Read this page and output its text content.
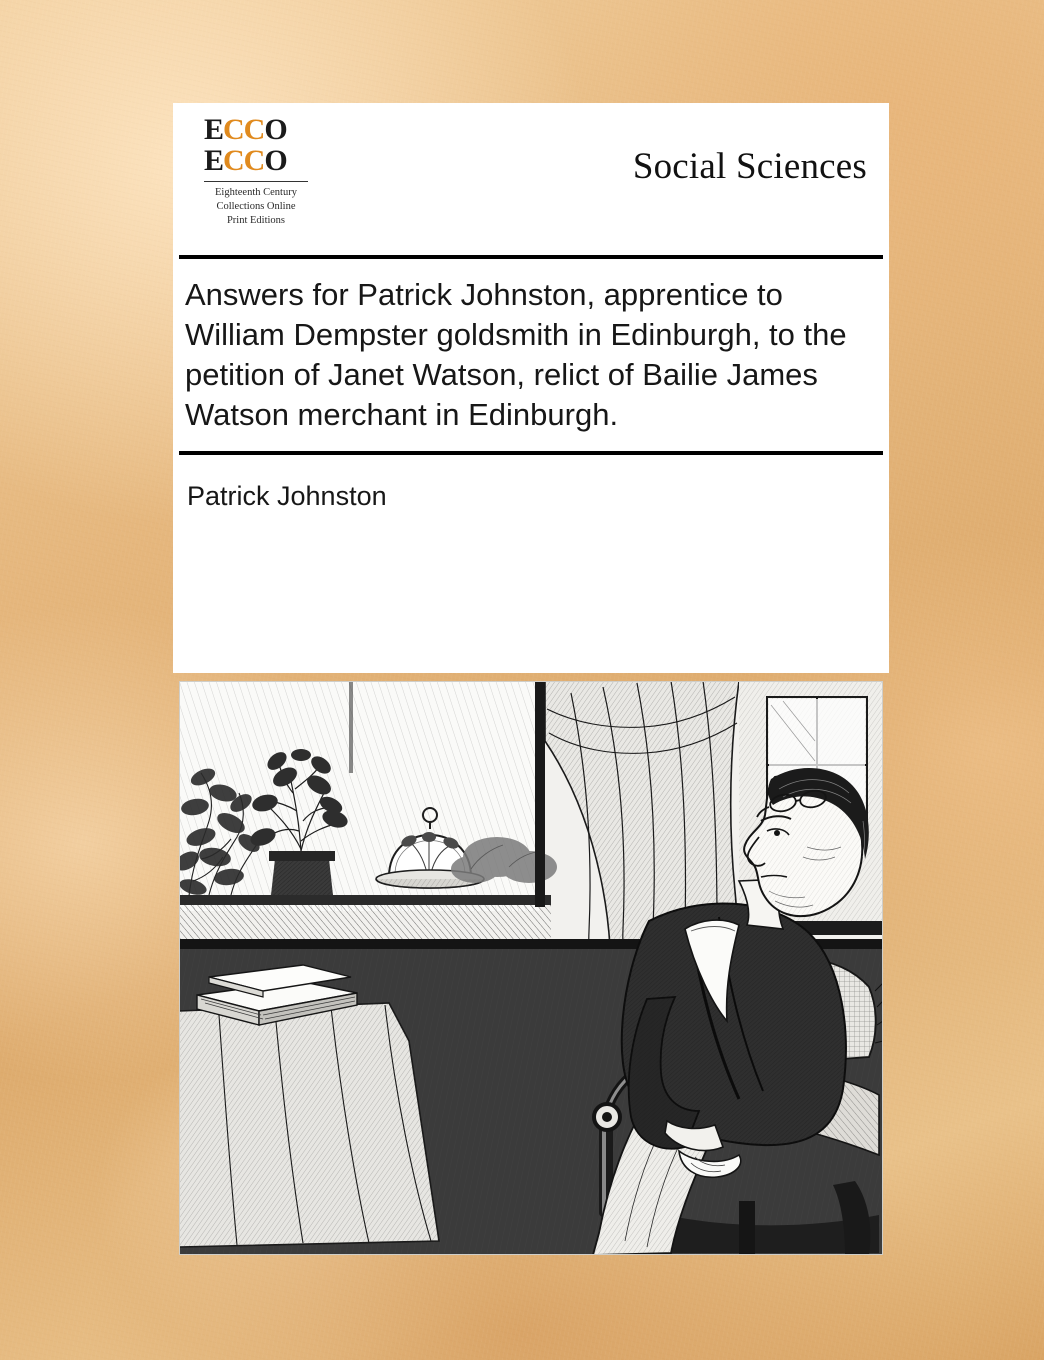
ECCO
ECCO
Eighteenth Century
Collections Online
Print Editions
Social Sciences
Answers for Patrick Johnston, apprentice to William Dempster goldsmith in Edinburgh, to the petition of Janet Watson, relict of Bailie James Watson merchant in Edinburgh.
Patrick Johnston
